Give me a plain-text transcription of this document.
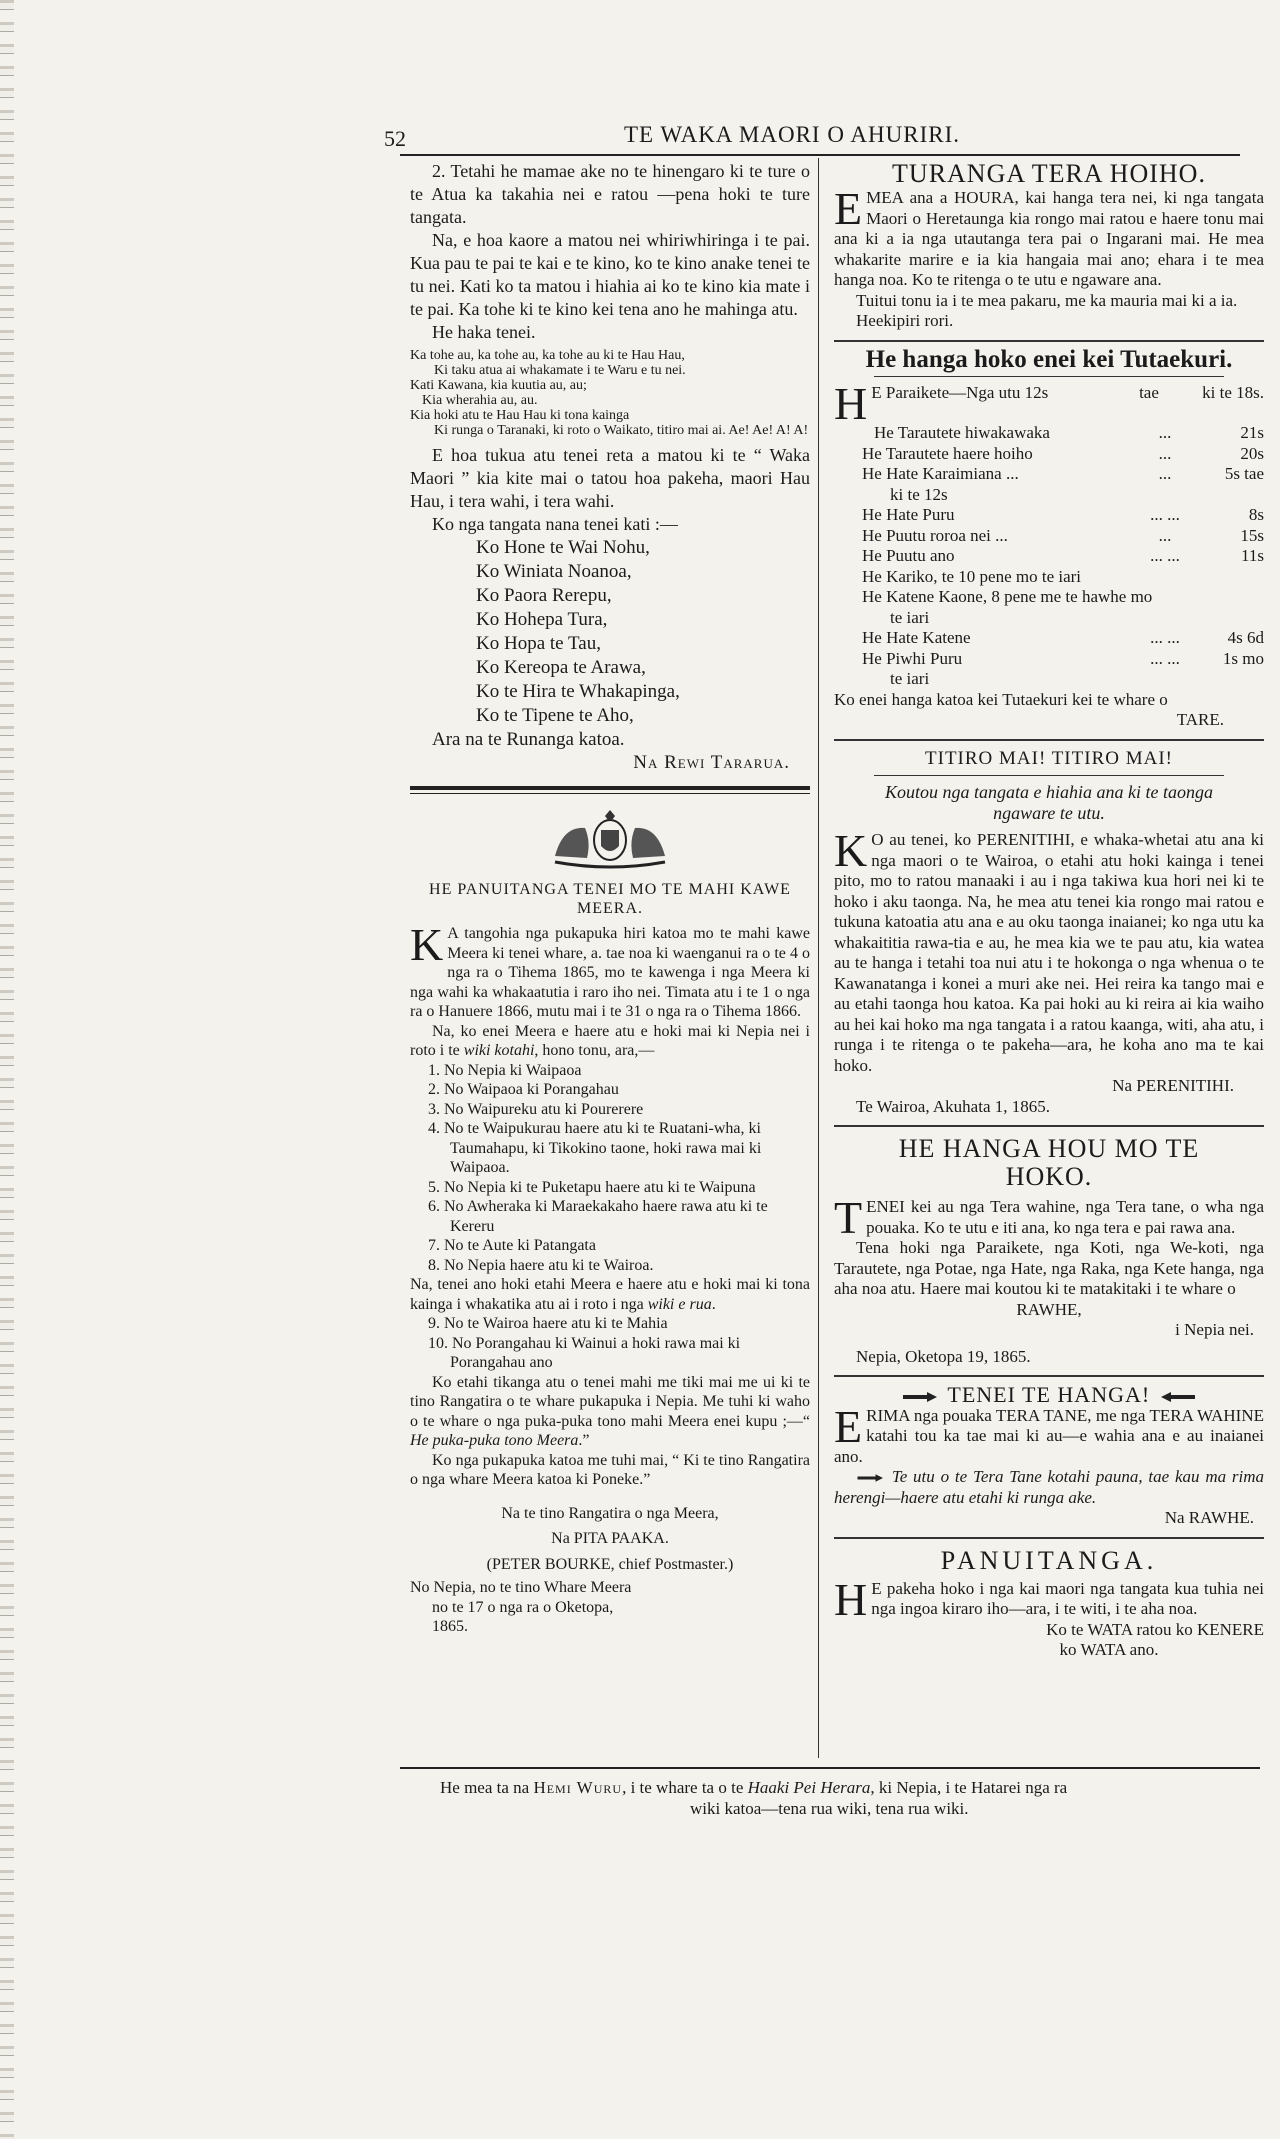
52	TE WAKA MAORI O AHURIRI.

2. Tetahi he mamae ake no te hinengaro ki te ture o te Atua ka takahia nei e ratou —pena hoki te ture tangata.

Na, e hoa kaore a matou nei whiriwhiringa i te pai. Kua pau te pai te kai e te kino, ko te kino anake tenei te tu nei. Kati ko ta matou i hiahia ai ko te kino kia mate i te pai. Ka tohe ki te kino kei tena ano he mahinga atu.

He haka tenei.

Ka tohe au, ka tohe au, ka tohe au ki te Hau Hau,
Ki taku atua ai whakamate i te Waru e tu nei.
Kati Kawana, kia kuutia au, au;
Kia wherahia au, au.
Kia hoki atu te Hau Hau ki tona kainga
Ki runga o Taranaki, ki roto o Waikato, titiro mai ai. Ae! Ae! A! A!

E hoa tukua atu tenei reta a matou ki te “ Waka Maori ” kia kite mai o tatou hoa pakeha, maori Hau Hau, i tera wahi, i tera wahi.

Ko nga tangata nana tenei kati :—

Ko Hone te Wai Nohu,
Ko Winiata Noanoa,
Ko Paora Rerepu,
Ko Hohepa Tura,
Ko Hopa te Tau,
Ko Kereopa te Arawa,
Ko te Hira te Whakapinga,
Ko te Tipene te Aho,

Ara na te Runanga katoa.

Na Rewi Tararua.

HE PANUITANGA TENEI MO TE MAHI KAWE MEERA.

K A tangohia nga pukapuka hiri katoa mo te mahi kawe Meera ki tenei whare, a. tae noa ki waenganui ra o te 4 o nga ra o Tihema 1865, mo te kawenga i nga Meera ki nga wahi ka whakaatutia i raro iho nei. Timata atu i te 1 o nga ra o Hanuere 1866, mutu mai i te 31 o nga ra o Tihema 1866.

Na, ko enei Meera e haere atu e hoki mai ki Nepia nei i roto i te wiki kotahi, hono tonu, ara,—

1. No Nepia ki Waipaoa
2. No Waipaoa ki Porangahau
3. No Waipureku atu ki Pourerere
4. No te Waipukurau haere atu ki te Ruatani-wha, ki Taumahapu, ki Tikokino taone, hoki rawa mai ki Waipaoa.
5. No Nepia ki te Puketapu haere atu ki te Waipuna
6. No Awheraka ki Maraekakaho haere rawa atu ki te Kereru
7. No te Aute ki Patangata
8. No Nepia haere atu ki te Wairoa.

Na, tenei ano hoki etahi Meera e haere atu e hoki mai ki tona kainga i whakatika atu ai i roto i nga wiki e rua.

9. No te Wairoa haere atu ki te Mahia
10. No Porangahau ki Wainui a hoki rawa mai ki Porangahau ano

Ko etahi tikanga atu o tenei mahi me tiki mai me ui ki te tino Rangatira o te whare pukapuka i Nepia. Me tuhi ki waho o te whare o nga puka-puka tono mahi Meera enei kupu ;—“ He puka-puka tono Meera.”

Ko nga pukapuka katoa me tuhi mai, “ Ki te tino Rangatira o nga whare Meera katoa ki Poneke.”

Na te tino Rangatira o nga Meera,

Na PITA PAAKA.

(PETER BOURKE, chief Postmaster.)

No Nepia, no te tino Whare Meera

no te 17 o nga ra o Oketopa,

1865.

TURANGA TERA HOIHO.

EMEA ana a HOURA, kai hanga tera nei, ki nga tangata Maori o Heretaunga kia rongo mai ratou e haere tonu mai ana ki a ia nga utautanga tera pai o Ingarani mai. He mea whakarite marire e ia kia hangaia mai ano; ehara i te mea hanga noa. Ko te ritenga o te utu e ngaware ana.

Tuitui tonu ia i te mea pakaru, me ka mauria mai ki a ia.

Heekipiri rori.

He hanga hoko enei kei Tutaekuri.
H E Paraikete—Nga utu 12s	tae	ki te 18s.
He Tarautete hiwakawaka	...	21s
He Tarautete haere hoiho	...	20s
He Hate Karaimiana ...	...	5s tae
ki te 12s
He Hate Puru	... ...	8s
He Puutu roroa nei ...	...	15s
He Puutu ano	... ...	11s
He Kariko, te 10 pene mo te iari
He Katene Kaone, 8 pene me te hawhe mo
te iari
He Hate Katene	... ...	4s 6d
He Piwhi Puru	... ...	1s mo
te iari
Ko enei hanga katoa kei Tutaekuri kei te whare o
TARE.
TITIRO MAI! TITIRO MAI!

Koutou nga tangata e hiahia ana ki te taonga ngaware te utu.

K O au tenei, ko PERENITIHI, e whaka-whetai atu ana ki nga maori o te Wairoa, o etahi atu hoki kainga i tenei pito, mo to ratou manaaki i au i nga takiwa kua hori nei ki te hoko i aku taonga. Na, he mea atu tenei kia rongo mai ratou e tukuna katoatia atu ana e au oku taonga inaianei; ko nga utu ka whakaititia rawa-tia e au, he mea kia we te pau atu, kia watea au te hanga i tetahi toa nui atu i te hokonga o nga whenua o te Kawanatanga i konei a muri ake nei. Hei reira ka tango mai e au etahi taonga hou katoa. Ka pai hoki au ki reira ai kia waiho au hei kai hoko ma nga tangata i a ratou kaanga, witi, aha atu, i runga i te ritenga o te pakeha—ara, he koha ano ma te kai hoko.

Na PERENITIHI.

Te Wairoa, Akuhata 1, 1865.

HE HANGA HOU MO TE HOKO.

TENEI kei au nga Tera wahine, nga Tera tane, o wha nga pouaka. Ko te utu e iti ana, ko nga tera e pai rawa ana.

Tena hoki nga Paraikete, nga Koti, nga We-koti, nga Tarautete, nga Potae, nga Hate, nga Raka, nga Kete hanga, nga aha noa atu. Haere mai koutou ki te matakitaki i te whare o

RAWHE,

i Nepia nei.

Nepia, Oketopa 19, 1865.

TENEI TE HANGA!

ERIMA nga pouaka TERA TANE, me nga TERA WAHINE katahi tou ka tae mai ki au—e wahia ana e au inaianei ano.

Te utu o te Tera Tane kotahi pauna, tae kau ma rima herengi—haere atu etahi ki runga ake.

Na RAWHE.

PANUITANGA.

H E pakeha hoko i nga kai maori nga tangata kua tuhia nei nga ingoa kiraro iho—ara, i te witi, i te aha noa.

Ko te WATA ratou ko KENERE

ko WATA ano.

He mea ta na Hemi Wuru, i te whare ta o te Haaki Pei Herara, ki Nepia, i te Hatarei nga ra
wiki katoa—tena rua wiki, tena rua wiki.
